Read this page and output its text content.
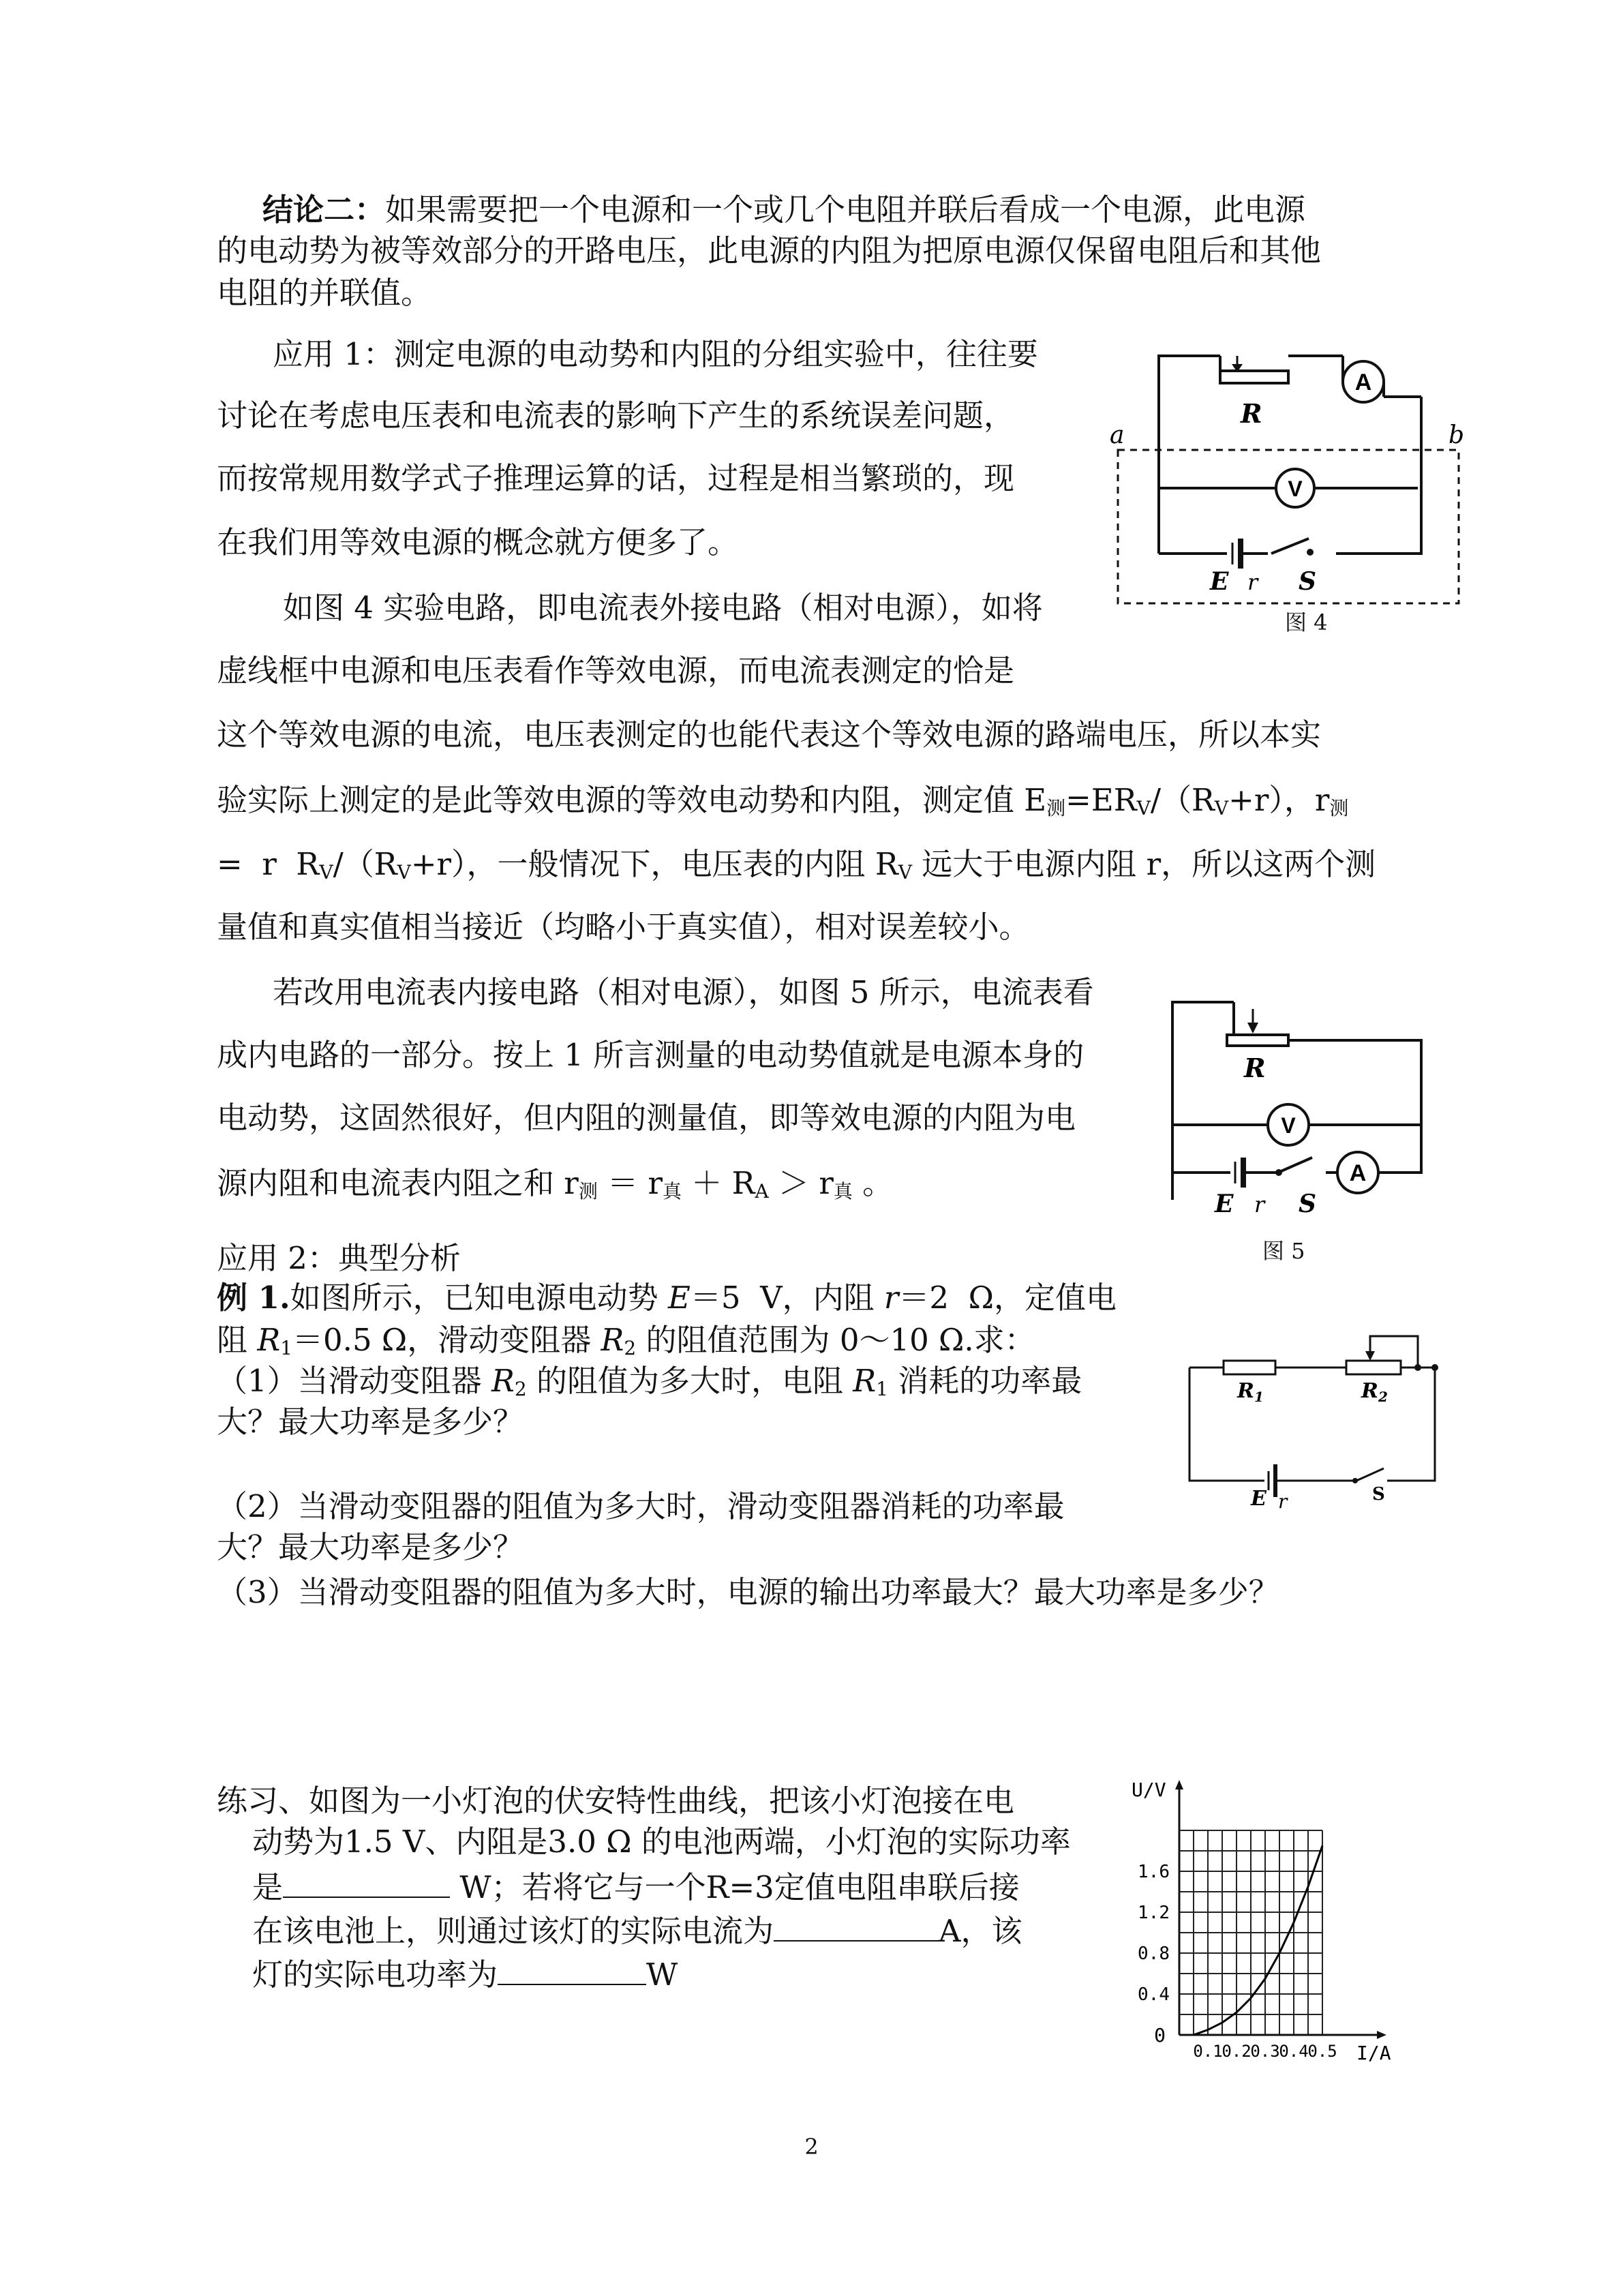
结论二：如果需要把一个电源和一个或几个电阻并联后看成一个电源，此电源
的电动势为被等效部分的开路电压，此电源的内阻为把原电源仅保留电阻后和其他
电阻的并联值。
应用 1：测定电源的电动势和内阻的分组实验中，往往要
讨论在考虑电压表和电流表的影响下产生的系统误差问题，
而按常规用数学式子推理运算的话，过程是相当繁琐的，现
在我们用等效电源的概念就方便多了。
如图 4 实验电路，即电流表外接电路（相对电源），如将
虚线框中电源和电压表看作等效电源，而电流表测定的恰是
这个等效电源的电流，电压表测定的也能代表这个等效电源的路端电压，所以本实
验实际上测定的是此等效电源的等效电动势和内阻，测定值 $E_测=ER_V/(R_V+r)$，$r_测$
=  r  $R_V/(R_V+r)$，一般情况下，电压表的内阻 $R_V$ 远大于电源内阻 r，所以这两个测
量值和真实值相当接近（均略小于真实值），相对误差较小。
若改用电流表内接电路（相对电源），如图 5 所示，电流表看
成内电路的一部分。按上 1 所言测量的电动势值就是电源本身的
电动势，这固然很好，但内阻的测量值，即等效电源的内阻为电
源内阻和电流表内阻之和 $r_测 = r_真 + R_A > r_真$ 。
A
V
R
a	b
E r S
图 4
V
A
R
E r S
图 5
应用 2：典型分析
例 1.如图所示，已知电源电动势 E＝5  V，内阻 r＝2  Ω，定值电
阻 $R_1=0.5$ Ω，滑动变阻器 $R_2$ 的阻值范围为 0～10 Ω.求：
（1）当滑动变阻器 $R_2$ 的阻值为多大时，电阻 $R_1$ 消耗的功率最
大？最大功率是多少？
（2）当滑动变阻器的阻值为多大时，滑动变阻器消耗的功率最
大？最大功率是多少？
（3）当滑动变阻器的阻值为多大时，电源的输出功率最大？最大功率是多少？
$R_1$	$R_2$
E r	S
练习、如图为一小灯泡的伏安特性曲线，把该小灯泡接在电
动势为1.5 V、内阻是3.0 Ω 的电池两端，小灯泡的实际功率
是	W；若将它与一个R=3定值电阻串联后接
在该电池上，则通过该灯的实际电流为	A，该
灯的实际电功率为	W
0.1
0.2
0.3
0.4
0.5
0.4
0.8
1.2
1.6
0
I/A
U/V
2
